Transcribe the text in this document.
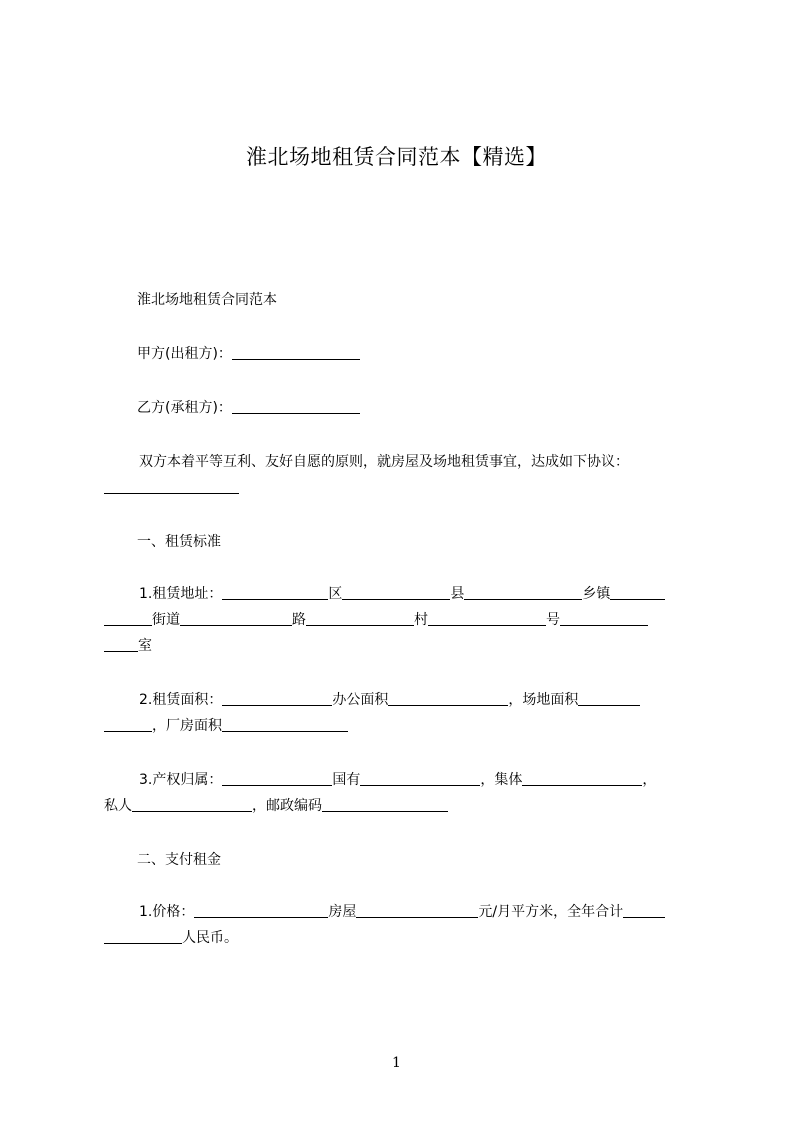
淮北场地租赁合同范本【精选】
淮北场地租赁合同范本
甲方(出租方)：
乙方(承租方)：
双方本着平等互利、友好自愿的原则，就房屋及场地租赁事宜，达成如下协议：
一、租赁标准
1.租赁地址：	区	县	乡镇
街道	路	村	号
室
2.租赁面积：	办公面积	，场地面积
，厂房面积
3.产权归属：	国有	，集体	，
私人	，邮政编码
二、支付租金
1.价格：	房屋	元/月平方米，全年合计
人民币。
1
